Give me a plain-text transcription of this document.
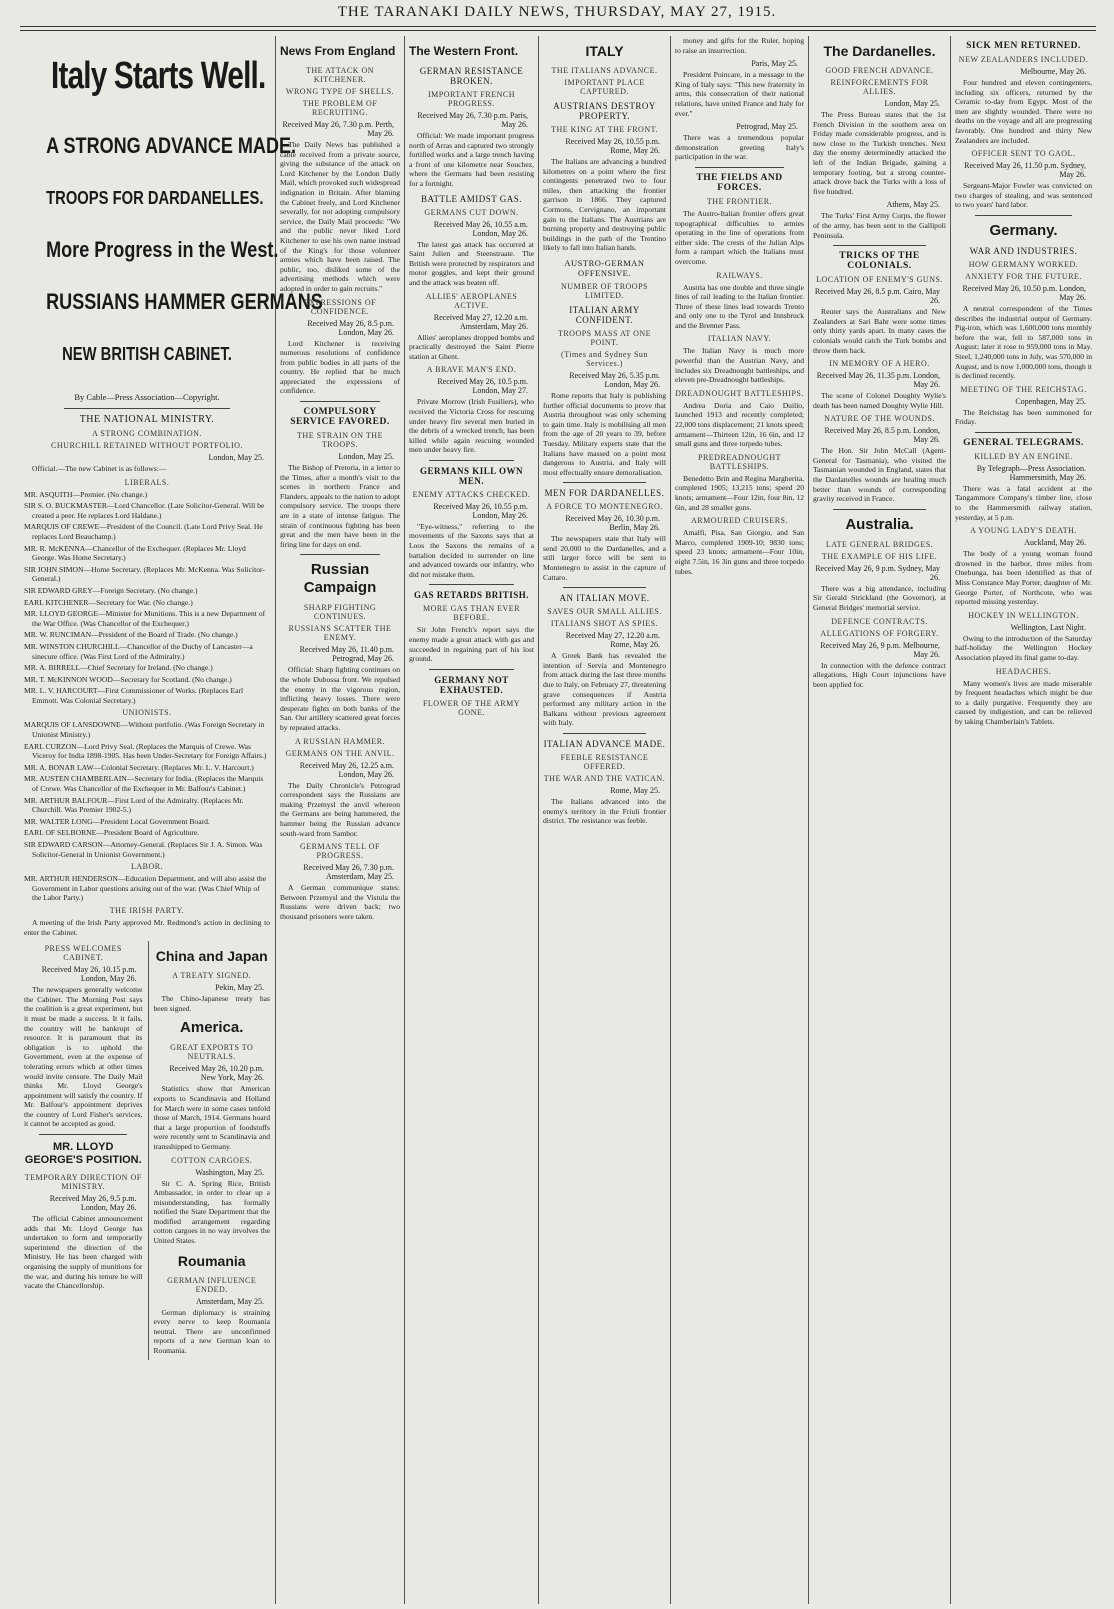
THE TARANAKI DAILY NEWS, THURSDAY, MAY 27, 1915.
Italy Starts Well.
A STRONG ADVANCE MADE.
TROOPS FOR DARDANELLES.
More Progress in the West.
RUSSIANS HAMMER GERMANS
NEW BRITISH CABINET.
By Cable—Press Association—Copyright.
THE NATIONAL MINISTRY.
A STRONG COMBINATION.
CHURCHILL RETAINED WITHOUT PORTFOLIO.
London, May 25.
Official.—The new Cabinet is as follows:—
LIBERALS.
MR. ASQUITH—Premier. (No change.)
SIR S. O. BUCKMASTER—Lord Chancellor. (Late Solicitor-General. Will be created a peer. He replaces Lord Haldane.)
MARQUIS OF CREWE—President of the Council. (Late Lord Privy Seal. He replaces Lord Beauchamp.)
MR. R. McKENNA—Chancellor of the Exchequer. (Replaces Mr. Lloyd George. Was Home Secretary.)
SIR JOHN SIMON—Home Secretary. (Replaces Mr. McKenna. Was Solicitor-General.)
SIR EDWARD GREY—Foreign Secretary. (No change.)
EARL KITCHENER—Secretary for War. (No change.)
MR. LLOYD GEORGE—Minister for Munitions. This is a new Department of the War Office. (Was Chancellor of the Exchequer.)
MR. W. RUNCIMAN—President of the Board of Trade. (No change.)
MR. WINSTON CHURCHILL—Chancellor of the Duchy of Lancaster—a sinecure office. (Was First Lord of the Admiralty.)
MR. A. BIRRELL—Chief Secretary for Ireland. (No change.)
MR. T. McKINNON WOOD—Secretary for Scotland. (No change.)
MR. L. V. HARCOURT—First Commissioner of Works. (Replaces Earl Emmott. Was Colonial Secretary.)
UNIONISTS.
MARQUIS OF LANSDOWNE—Without portfolio. (Was Foreign Secretary in Unionist Ministry.)
EARL CURZON—Lord Privy Seal. (Replaces the Marquis of Crewe. Was Viceroy for India 1898-1905. Has been Under-Secretary for Foreign Affairs.)
MR. A. BONAR LAW—Colonial Secretary. (Replaces Mr. L. V. Harcourt.)
MR. AUSTEN CHAMBERLAIN—Secretary for India. (Replaces the Marquis of Crewe. Was Chancellor of the Exchequer in Mr. Balfour's Cabinet.)
MR. ARTHUR BALFOUR—First Lord of the Admiralty. (Replaces Mr. Churchill. Was Premier 1902-5.)
MR. WALTER LONG—President Local Government Board.
EARL OF SELBORNE—President Board of Agriculture.
SIR EDWARD CARSON—Attorney-General. (Replaces Sir J. A. Simon. Was Solicitor-General in Unionist Government.)
LABOR.
MR. ARTHUR HENDERSON—Education Department, and will also assist the Government in Labor questions arising out of the war. (Was Chief Whip of the Labor Party.)
THE IRISH PARTY.
A meeting of the Irish Party approved Mr. Redmond's action in declining to enter the Cabinet.
PRESS WELCOMES CABINET.
Received May 26, 10.15 p.m. London, May 26.
The newspapers generally welcome the Cabinet. The Morning Post says the coalition is a great experiment, but it must be made a success. It it fails, the country will be bankrupt of resource. It is paramount that its obligation is to uphold the Government, even at the expense of tolerating errors which at other times would invite censure. The Daily Mail thinks Mr. Lloyd George's appointment will satisfy the country. If Mr. Balfour's appointment deprives the country of Lord Fisher's services, it cannot be accepted as good.
MR. LLOYD GEORGE'S POSITION.
TEMPORARY DIRECTION OF MINISTRY.
Received May 26, 9.5 p.m. London, May 26.
The official Cabinet announcement adds that Mr. Lloyd George has undertaken to form and temporarily superintend the direction of the Ministry. He has been charged with organising the supply of munitions for the war, and during his tenure he will vacate the Chancellorship.
China and Japan
A TREATY SIGNED.
Pekin, May 25.
The Chino-Japanese treaty has been signed.
America.
GREAT EXPORTS TO NEUTRALS.
Received May 26, 10.20 p.m. New York, May 26.
Statistics show that American exports to Scandinavia and Holland for March were in some cases tenfold those of March, 1914. Germans hoard that a large proportion of foodstuffs were recently sent to Scandinavia and transshipped to Germany.
COTTON CARGOES.
Washington, May 25.
Sir C. A. Spring Rice, British Ambassador, in order to clear up a misunderstanding, has formally notified the State Department that the modified arrangement regarding cotton cargoes in no way involves the United States.
Roumania
GERMAN INFLUENCE ENDED.
Amsterdam, May 25.
German diplomacy is straining every nerve to keep Roumania neutral. There are unconfirmed reports of a new German loan to Roumania.
News From England
THE ATTACK ON KITCHENER.
WRONG TYPE OF SHELLS.
THE PROBLEM OF RECRUITING.
Received May 26, 7.30 p.m. Perth, May 26.
The Daily News has published a cable received from a private source, giving the substance of the attack on Lord Kitchener by the London Daily Mail, which provoked such widespread indignation in Britain. After blaming the Cabinet freely, and Lord Kitchener severally, for not adopting compulsory service, the Daily Mail proceeds: "We and the public never liked Lord Kitchener to use his own name instead of the King's for those volunteer armies which have been raised. The public, too, disliked some of the advertising methods which were adopted in order to gain recruits."
EXPRESSIONS OF CONFIDENCE.
Received May 26, 8.5 p.m. London, May 26.
Lord Kitchener is receiving numerous resolutions of confidence from public bodies in all parts of the country. He replied that he much appreciated the expressions of confidence.
COMPULSORY SERVICE FAVORED.
THE STRAIN ON THE TROOPS.
London, May 25.
The Bishop of Pretoria, in a letter to the Times, after a month's visit to the scenes in northern France and Flanders, appeals to the nation to adopt compulsory service. The troops there are in a state of intense fatigue. The strain of continuous fighting has been great and the men have been in the firing line for days on end.
Russian Campaign
SHARP FIGHTING CONTINUES.
RUSSIANS SCATTER THE ENEMY.
Received May 26, 11.40 p.m. Petrograd, May 26.
Official: Sharp fighting continues on the whole Dubossa front. We repulsed the enemy in the vigorous region, inflicting heavy losses. There were desperate fights on both banks of the San. Our artillery scattered great forces by repeated attacks.
A RUSSIAN HAMMER.
GERMANS ON THE ANVIL.
Received May 26, 12.25 a.m. London, May 26.
The Daily Chronicle's Petrograd correspondent says the Russians are making Przemysl the anvil whereon the Germans are being hammered, the hammer being the Russian advance south-ward from Sambor.
GERMANS TELL OF PROGRESS.
Received May 26, 7.30 p.m. Amsterdam, May 25.
A German communique states: Between Przemysl and the Vistula the Russians were driven back; two thousand prisoners were taken.
The Western Front.
GERMAN RESISTANCE BROKEN.
IMPORTANT FRENCH PROGRESS.
Received May 26, 7.30 p.m. Paris, May 26.
Official: We made important progress north of Arras and captured two strongly fortified works and a large trench having a front of one kilometre near Souchez, where the Germans had been resisting for a fortnight.
BATTLE AMIDST GAS.
GERMANS CUT DOWN.
Received May 26, 10.55 a.m. London, May 26.
The latest gas attack has occurred at Saint Julien and Steenstraate. The British were protected by respirators and motor goggles, and kept their ground and the attack was beaten off.
ALLIES' AEROPLANES ACTIVE.
Received May 27, 12.20 a.m. Amsterdam, May 26.
Allies' aeroplanes dropped bombs and practically destroyed the Saint Pierre station at Ghent.
A BRAVE MAN'S END.
Received May 26, 10.5 p.m. London, May 27.
Private Morrow (Irish Fusiliers), who received the Victoria Cross for rescuing under heavy fire several men buried in the debris of a wrecked trench, has been killed while again rescuing wounded men under heavy fire.
GERMANS KILL OWN MEN.
ENEMY ATTACKS CHECKED.
Received May 26, 10.55 p.m. London, May 26.
"Eye-witness," referring to the movements of the Saxons says that at Loos the Saxons the remains of a battalion decided to surrender on line and advanced towards our infantry, who did not mistake them.
GAS RETARDS BRITISH.
MORE GAS THAN EVER BEFORE.
Sir John French's report says the enemy made a great attack with gas and succeeded in regaining part of his lost ground.
GERMANY NOT EXHAUSTED.
FLOWER OF THE ARMY GONE.
ITALY
THE ITALIANS ADVANCE.
IMPORTANT PLACE CAPTURED.
AUSTRIANS DESTROY PROPERTY.
THE KING AT THE FRONT.
Received May 26, 10.55 p.m. Rome, May 26.
The Italians are advancing a hundred kilometres on a point where the first contingents penetrated two to four miles, then attacking the frontier garrison in 1866. They captured Cormons, Cervignano, an important gain to the Italians. The Austrians are burning property and destroying public buildings in the path of the Trentino likely to fall into Italian hands.
AUSTRO-GERMAN OFFENSIVE.
NUMBER OF TROOPS LIMITED.
ITALIAN ARMY CONFIDENT.
TROOPS MASS AT ONE POINT.
(Times and Sydney Sun Services.)
Received May 26, 5.35 p.m. London, May 26.
Rome reports that Italy is publishing further official documents to prove that Austria throughout was only scheming to gain time. Italy is mobilising all men from the age of 20 years to 39, before Tuesday. Military experts state that the Italians have massed on a point most dangerous to Austria, and Italy will most effectually ensure demoralisation.
MEN FOR DARDANELLES.
A FORCE TO MONTENEGRO.
Received May 26, 10.30 p.m. Berlin, May 26.
The newspapers state that Italy will send 20,000 to the Dardanelles, and a still larger force will be sent to Montenegro to assist in the capture of Cattaro.
AN ITALIAN MOVE.
SAVES OUR SMALL ALLIES.
ITALIANS SHOT AS SPIES.
Received May 27, 12.20 a.m. Rome, May 26.
A Greek Bank has revealed the intention of Servia and Montenegro from attack during the last three months due to Italy, on February 27, threatening grave consequences if Austria performed any military action in the Balkans without previous agreement with Italy.
ITALIAN ADVANCE MADE.
FEEBLE RESISTANCE OFFERED.
THE WAR AND THE VATICAN.
Rome, May 25.
The Italians advanced into the enemy's territory in the Friuli frontier district. The resistance was feeble.
money and gifts for the Ruler, hoping to raise an insurrection.
Paris, May 25.
President Poincare, in a message to the King of Italy says: "This new fraternity in arms, this consecration of their national relations, have united France and Italy for ever."
Petrograd, May 25.
There was a tremendous popular demonstration greeting Italy's participation in the war.
THE FIELDS AND FORCES.
THE FRONTIER.
The Austro-Italian frontier offers great topographical difficulties to armies operating in the line of operations from either side. The crests of the Julian Alps form a rampart which the Italians must overcome.
RAILWAYS.
Austria has one double and three single lines of rail leading to the Italian frontier. Three of these lines lead towards Trento and only one to the Tyrol and Innsbruck and the Brenner Pass.
ITALIAN NAVY.
The Italian Navy is much more powerful than the Austrian Navy, and includes six Dreadnought battleships, and eleven pre-Dreadnought battleships.
DREADNOUGHT BATTLESHIPS.
Andrea Doria and Caio Duilio, launched 1913 and recently completed; 22,000 tons displacement; 21 knots speed; armament—Thirteen 12in, 16 6in, and 12 small guns and three torpedo tubes.
PREDREADNOUGHT BATTLESHIPS.
Benedetto Brin and Regina Margherita, completed 1905; 13,215 tons; speed 20 knots; armament—Four 12in, four 8in, 12 6in, and 28 smaller guns.
ARMOURED CRUISERS.
Amalfi, Pisa, San Giorgio, and San Marco, completed 1909-10; 9830 tons; speed 23 knots; armament—Four 10in, eight 7.5in, 16 3in guns and three torpedo tubes.
The Dardanelles.
GOOD FRENCH ADVANCE.
REINFORCEMENTS FOR ALLIES.
London, May 25.
The Press Bureau states that the 1st French Division in the southern area on Friday made considerable progress, and is now close to the Turkish trenches. Next day the enemy determinedly attacked the left of the Indian Brigade, gaining a temporary footing, but a strong counter-attack drove back the Turks with a loss of five hundred.
Athens, May 25.
The Turks' First Army Corps, the flower of the army, has been sent to the Gallipoli Peninsula.
TRICKS OF THE COLONIALS.
LOCATION OF ENEMY'S GUNS.
Received May 26, 8.5 p.m. Cairo, May 26.
Reuter says the Australians and New Zealanders at Sari Bahr were some times only thirty yards apart. In many cases the colonials would catch the Turk bombs and throw them back.
IN MEMORY OF A HERO.
Received May 26, 11.35 p.m. London, May 26.
The scene of Colonel Doughty Wylie's death has been named Doughty Wylie Hill.
NATURE OF THE WOUNDS.
Received May 26, 8.5 p.m. London, May 26.
The Hon. Sir John McCall (Agent-General for Tasmania), who visited the Tasmanian wounded in England, states that the Dardanelles wounds are healing much better than wounds of corresponding gravity received in France.
Australia.
LATE GENERAL BRIDGES.
THE EXAMPLE OF HIS LIFE.
Received May 26, 9 p.m. Sydney, May 26.
There was a big attendance, including Sir Gerald Strickland (the Governor), at General Bridges' memorial service.
DEFENCE CONTRACTS.
ALLEGATIONS OF FORGERY.
Received May 26, 9 p.m. Melbourne, May 26.
In connection with the defence contract allegations, High Court injunctions have been applied for.
SICK MEN RETURNED.
NEW ZEALANDERS INCLUDED.
Melbourne, May 26.
Four hundred and eleven contingenters, including six officers, returned by the Ceramic to-day from Egypt. Most of the men are slightly wounded. There were no deaths on the voyage and all are progressing favorably. One hundred and thirty New Zealanders are included.
OFFICER SENT TO GAOL.
Received May 26, 11.50 p.m. Sydney, May 26.
Sergeant-Major Fowler was convicted on two charges of stealing, and was sentenced to two years' hard labor.
Germany.
WAR AND INDUSTRIES.
HOW GERMANY WORKED.
ANXIETY FOR THE FUTURE.
Received May 26, 10.50 p.m. London, May 26.
A neutral correspondent of the Times describes the industrial output of Germany. Pig-iron, which was 1,600,000 tons monthly before the war, fell to 587,000 tons in August; later it rose to 959,000 tons in May. Steel, 1,240,000 tons in July, was 570,000 in August, and is now 1,000,000 tons, though it is declined recently.
MEETING OF THE REICHSTAG.
Copenhagen, May 25.
The Reichstag has been summoned for Friday.
GENERAL TELEGRAMS.
KILLED BY AN ENGINE.
By Telegraph—Press Association. Hammersmith, May 26.
There was a fatal accident at the Tangammore Company's timber line, close to the Hammersmith railway station, yesterday, at 5 p.m.
A YOUNG LADY'S DEATH.
Auckland, May 26.
The body of a young woman found drowned in the harbor, three miles from Onehunga, has been identified as that of Miss Constance May Porter, daughter of Mr. George Porter, of Northcote, who was reported missing yesterday.
HOCKEY IN WELLINGTON.
Wellington, Last Night.
Owing to the introduction of the Saturday half-holiday the Wellington Hockey Association played its final game to-day.
HEADACHES.
Many women's lives are made miserable by frequent headaches which might be due to a daily purgative. Frequently they are caused by indigestion, and can be relieved by taking Chamberlain's Tablets.
